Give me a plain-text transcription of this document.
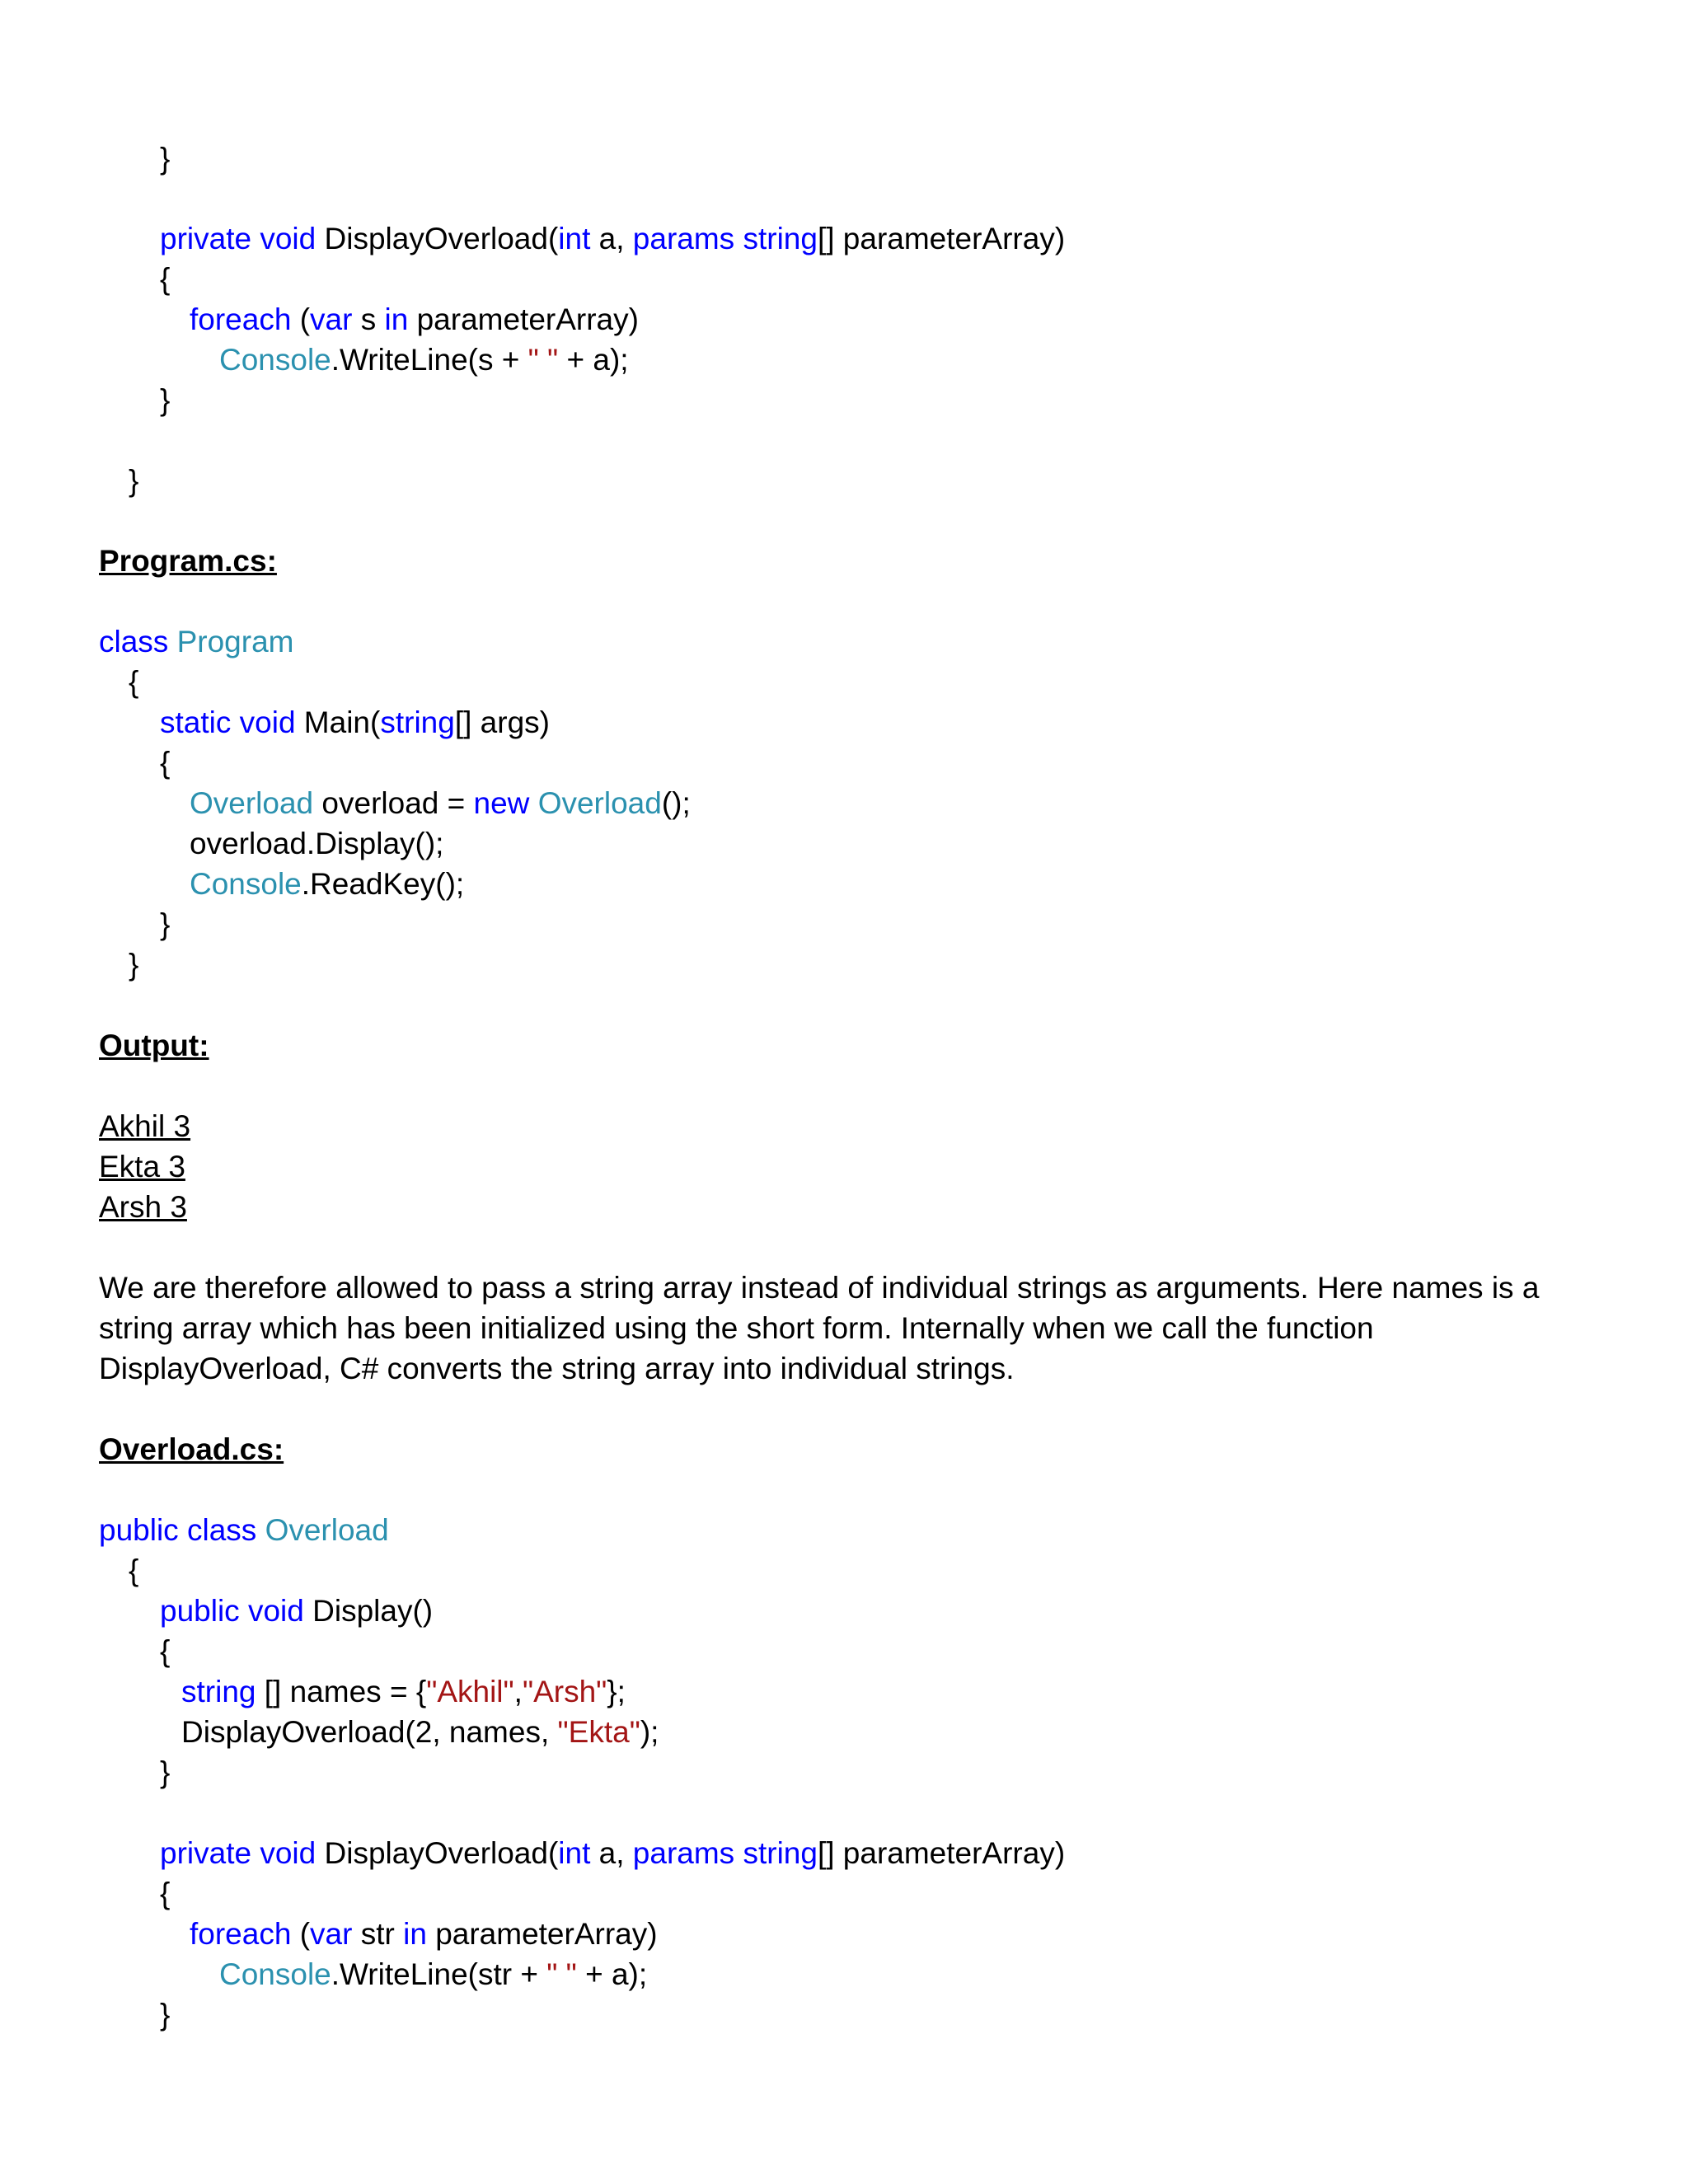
}
private void DisplayOverload(int a, params string[] parameterArray)
{
foreach (var s in parameterArray)
Console.WriteLine(s + " " + a);
}
}
Program.cs:
class Program
{
static void Main(string[] args)
{
Overload overload = new Overload();
overload.Display();
Console.ReadKey();
}
}
Output:
Akhil 3
Ekta 3
Arsh 3
We are therefore allowed to pass a string array instead of individual strings as arguments. Here names is a
string array which has been initialized using the short form. Internally when we call the function
DisplayOverload, C# converts the string array into individual strings.
Overload.cs:
public class Overload
{
public void Display()
{
string [] names = {"Akhil","Arsh"};
DisplayOverload(2, names, "Ekta");
}
private void DisplayOverload(int a, params string[] parameterArray)
{
foreach (var str in parameterArray)
Console.WriteLine(str + " " + a);
}
